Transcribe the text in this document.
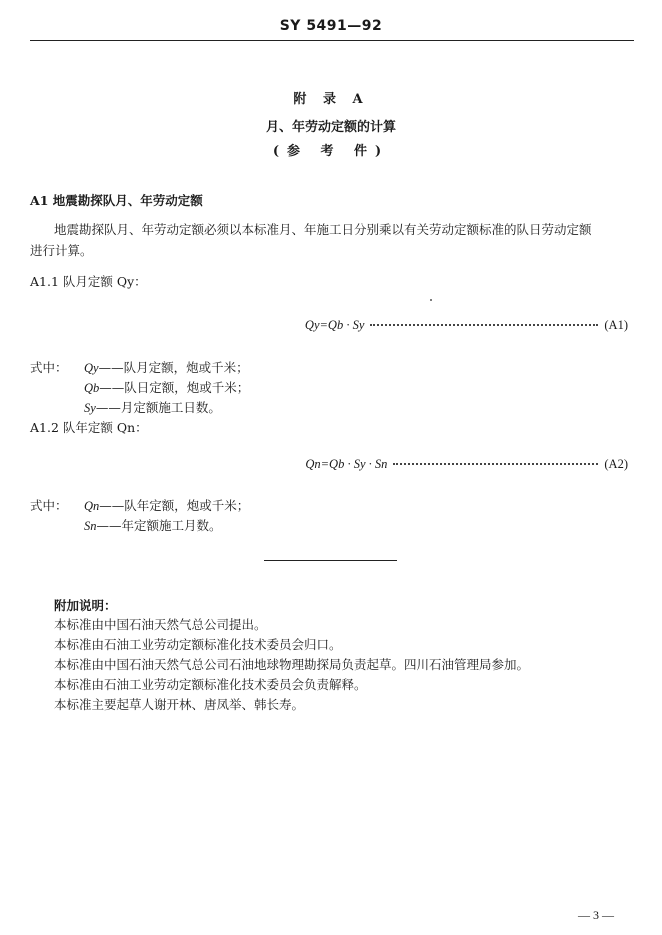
SY 5491—92
附 录 A
月、年劳动定额的计算
(参 考 件)
A1 地震勘探队月、年劳动定额
地震勘探队月、年劳动定额必须以本标准月、年施工日分别乘以有关劳动定额标准的队日劳动定额
进行计算。
A1.1 队月定额 Qy：
Qy=Qb · Sy	(A1)
式中： Qy——队月定额，炮或千米；
Qb——队日定额，炮或千米；
Sy——月定额施工日数。
A1.2 队年定额 Qn：
Qn=Qb · Sy · Sn	(A2)
式中： Qn——队年定额，炮或千米；
Sn——年定额施工月数。
附加说明：
本标准由中国石油天然气总公司提出。
本标准由石油工业劳动定额标准化技术委员会归口。
本标准由中国石油天然气总公司石油地球物理勘探局负责起草。四川石油管理局参加。
本标准由石油工业劳动定额标准化技术委员会负责解释。
本标准主要起草人谢开林、唐凤举、韩长寿。
— 3 —
